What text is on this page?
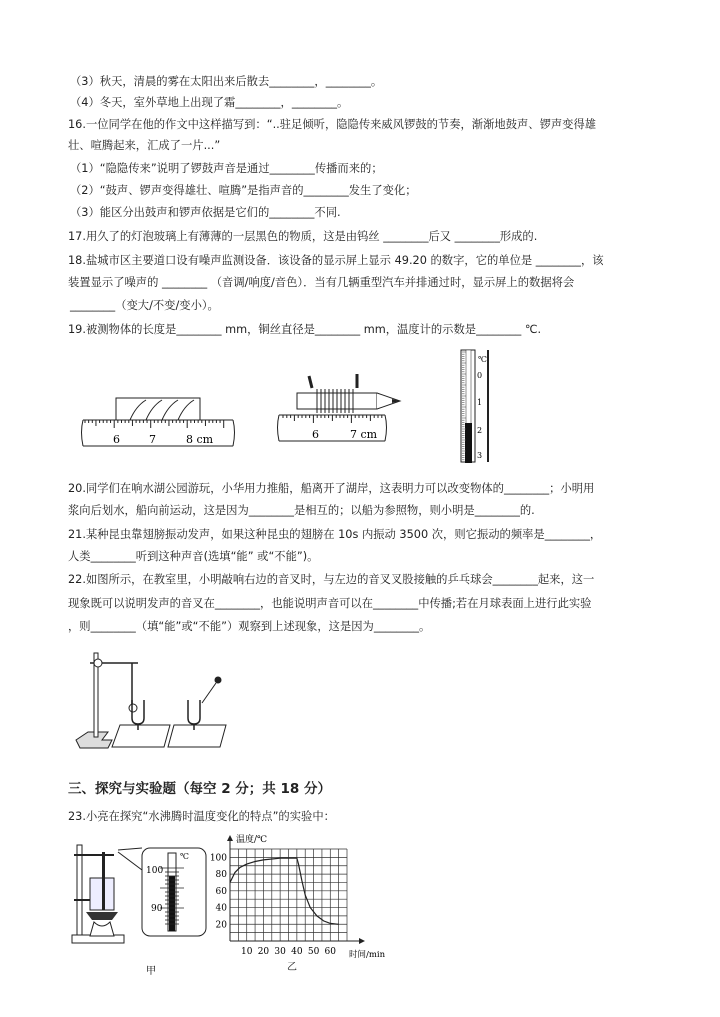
（3）秋天，清晨的雾在太阳出来后散去________，________。
（4）冬天，室外草地上出现了霜________，________。
16.一位同学在他的作文中这样描写到：“..驻足倾听，隐隐传来威风锣鼓的节奏，渐渐地鼓声、锣声变得雄
壮、喧腾起来，汇成了一片...”
（1）“隐隐传来”说明了锣鼓声音是通过________传播而来的；
（2）“鼓声、锣声变得雄壮、喧腾”是指声音的________发生了变化；
（3）能区分出鼓声和锣声依据是它们的________不同.
17.用久了的灯泡玻璃上有薄薄的一层黑色的物质，这是由钨丝 ________后又 ________形成的.
18.盐城市区主要道口设有噪声监测设备．该设备的显示屏上显示 49.20 的数字，它的单位是 ________，该
装置显示了噪声的 ________ （音调/响度/音色）．当有几辆重型汽车并排通过时，显示屏上的数据将会
________（变大/不变/变小）。
19.被测物体的长度是________ mm，铜丝直径是________ mm，温度计的示数是________ ℃.
20.同学们在响水湖公园游玩，小华用力推船，船离开了湖岸，这表明力可以改变物体的________；小明用
浆向后划水，船向前运动，这是因为________是相互的；以船为参照物，则小明是________的.
21.某种昆虫靠翅膀振动发声，如果这种昆虫的翅膀在 10s 内振动 3500 次，则它振动的频率是________，
人类________听到这种声音(选填“能” 或“不能”)。
22.如图所示，在教室里，小明敲响右边的音叉时，与左边的音叉叉股接触的乒乓球会________起来，这一
现象既可以说明发声的音叉在________，也能说明声音可以在________中传播;若在月球表面上进行此实验
，则________（填“能”或“不能”）观察到上述现象，这是因为________。
6	7	8 cm	6	7 cm
0
1
2
3
℃
三、探究与实验题（每空 2 分；共 18 分）
23.小亮在探究“水沸腾时温度变化的特点”的实验中：
100
90
℃
甲
20
40
60
80
100
10 20 30 40 50 60
温度/℃
时间/min
乙
